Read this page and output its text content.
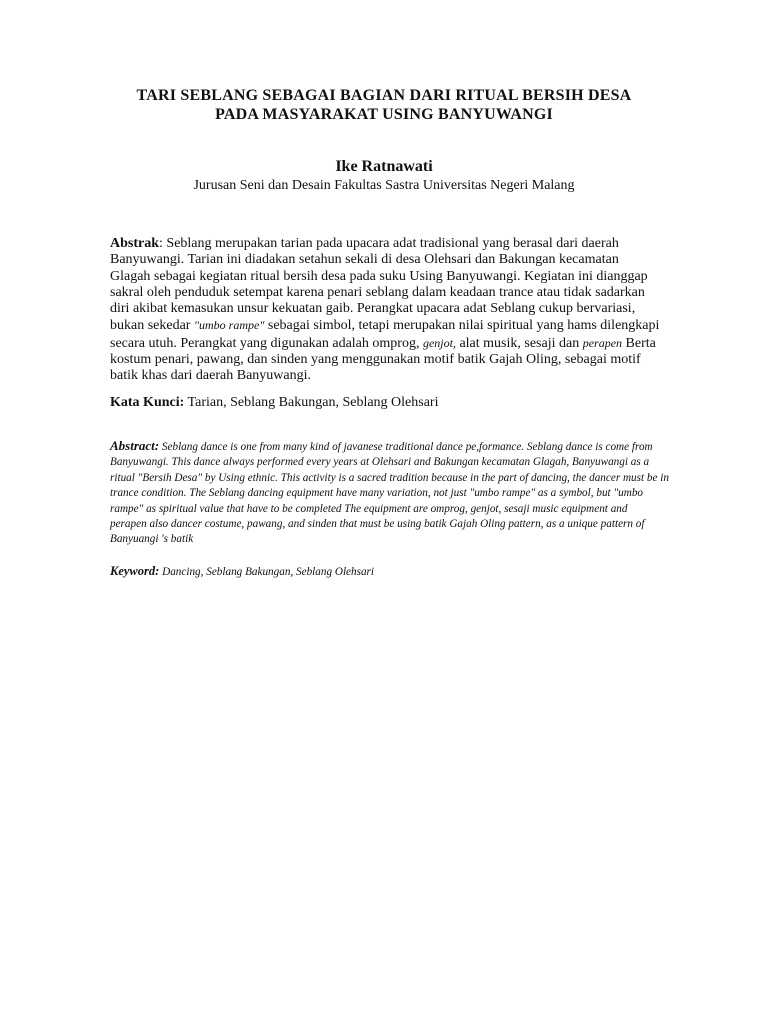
TARI SEBLANG SEBAGAI BAGIAN DARI RITUAL BERSIH DESA
PADA MASYARAKAT USING BANYUWANGI
Ike Ratnawati
Jurusan Seni dan Desain Fakultas Sastra Universitas Negeri Malang
Abstrak: Seblang merupakan tarian pada upacara adat tradisional yang berasal dari daerah
Banyuwangi. Tarian ini diadakan setahun sekali di desa Olehsari dan Bakungan kecamatan
Glagah sebagai kegiatan ritual bersih desa pada suku Using Banyuwangi. Kegiatan ini dianggap
sakral oleh penduduk setempat karena penari seblang dalam keadaan trance atau tidak sadarkan
diri akibat kemasukan unsur kekuatan gaib. Perangkat upacara adat Seblang cukup bervariasi,
bukan sekedar "umbo rampe" sebagai simbol, tetapi merupakan nilai spiritual yang hams dilengkapi
secara utuh. Perangkat yang digunakan adalah omprog, genjot, alat musik, sesaji dan perapen Berta
kostum penari, pawang, dan sinden yang menggunakan motif batik Gajah Oling, sebagai motif
batik khas dari daerah Banyuwangi.
Kata Kunci: Tarian, Seblang Bakungan, Seblang Olehsari
Abstract: Seblang dance is one from many kind of javanese traditional dance pe,formance. Seblang dance is come from
Banyuwangi. This dance always performed every years at Olehsari and Bakungan kecamatan Glagah, Banyuwangi as a
ritual "Bersih Desa" by Using ethnic. This activity is a sacred tradition because in the part of dancing, the dancer must be in
trance condition. The Seblang dancing equipment have many variation, not just "umbo rampe" as a symbol, but "umbo
rampe" as spiritual value that have to be completed The equipment are omprog, genjot, sesaji music equipment and
perapen also dancer costume, pawang, and sinden that must be using batik Gajah Oling pattern, as a unique pattern of
Banyuangi 's batik
Keyword: Dancing, Seblang Bakungan, Seblang Olehsari
